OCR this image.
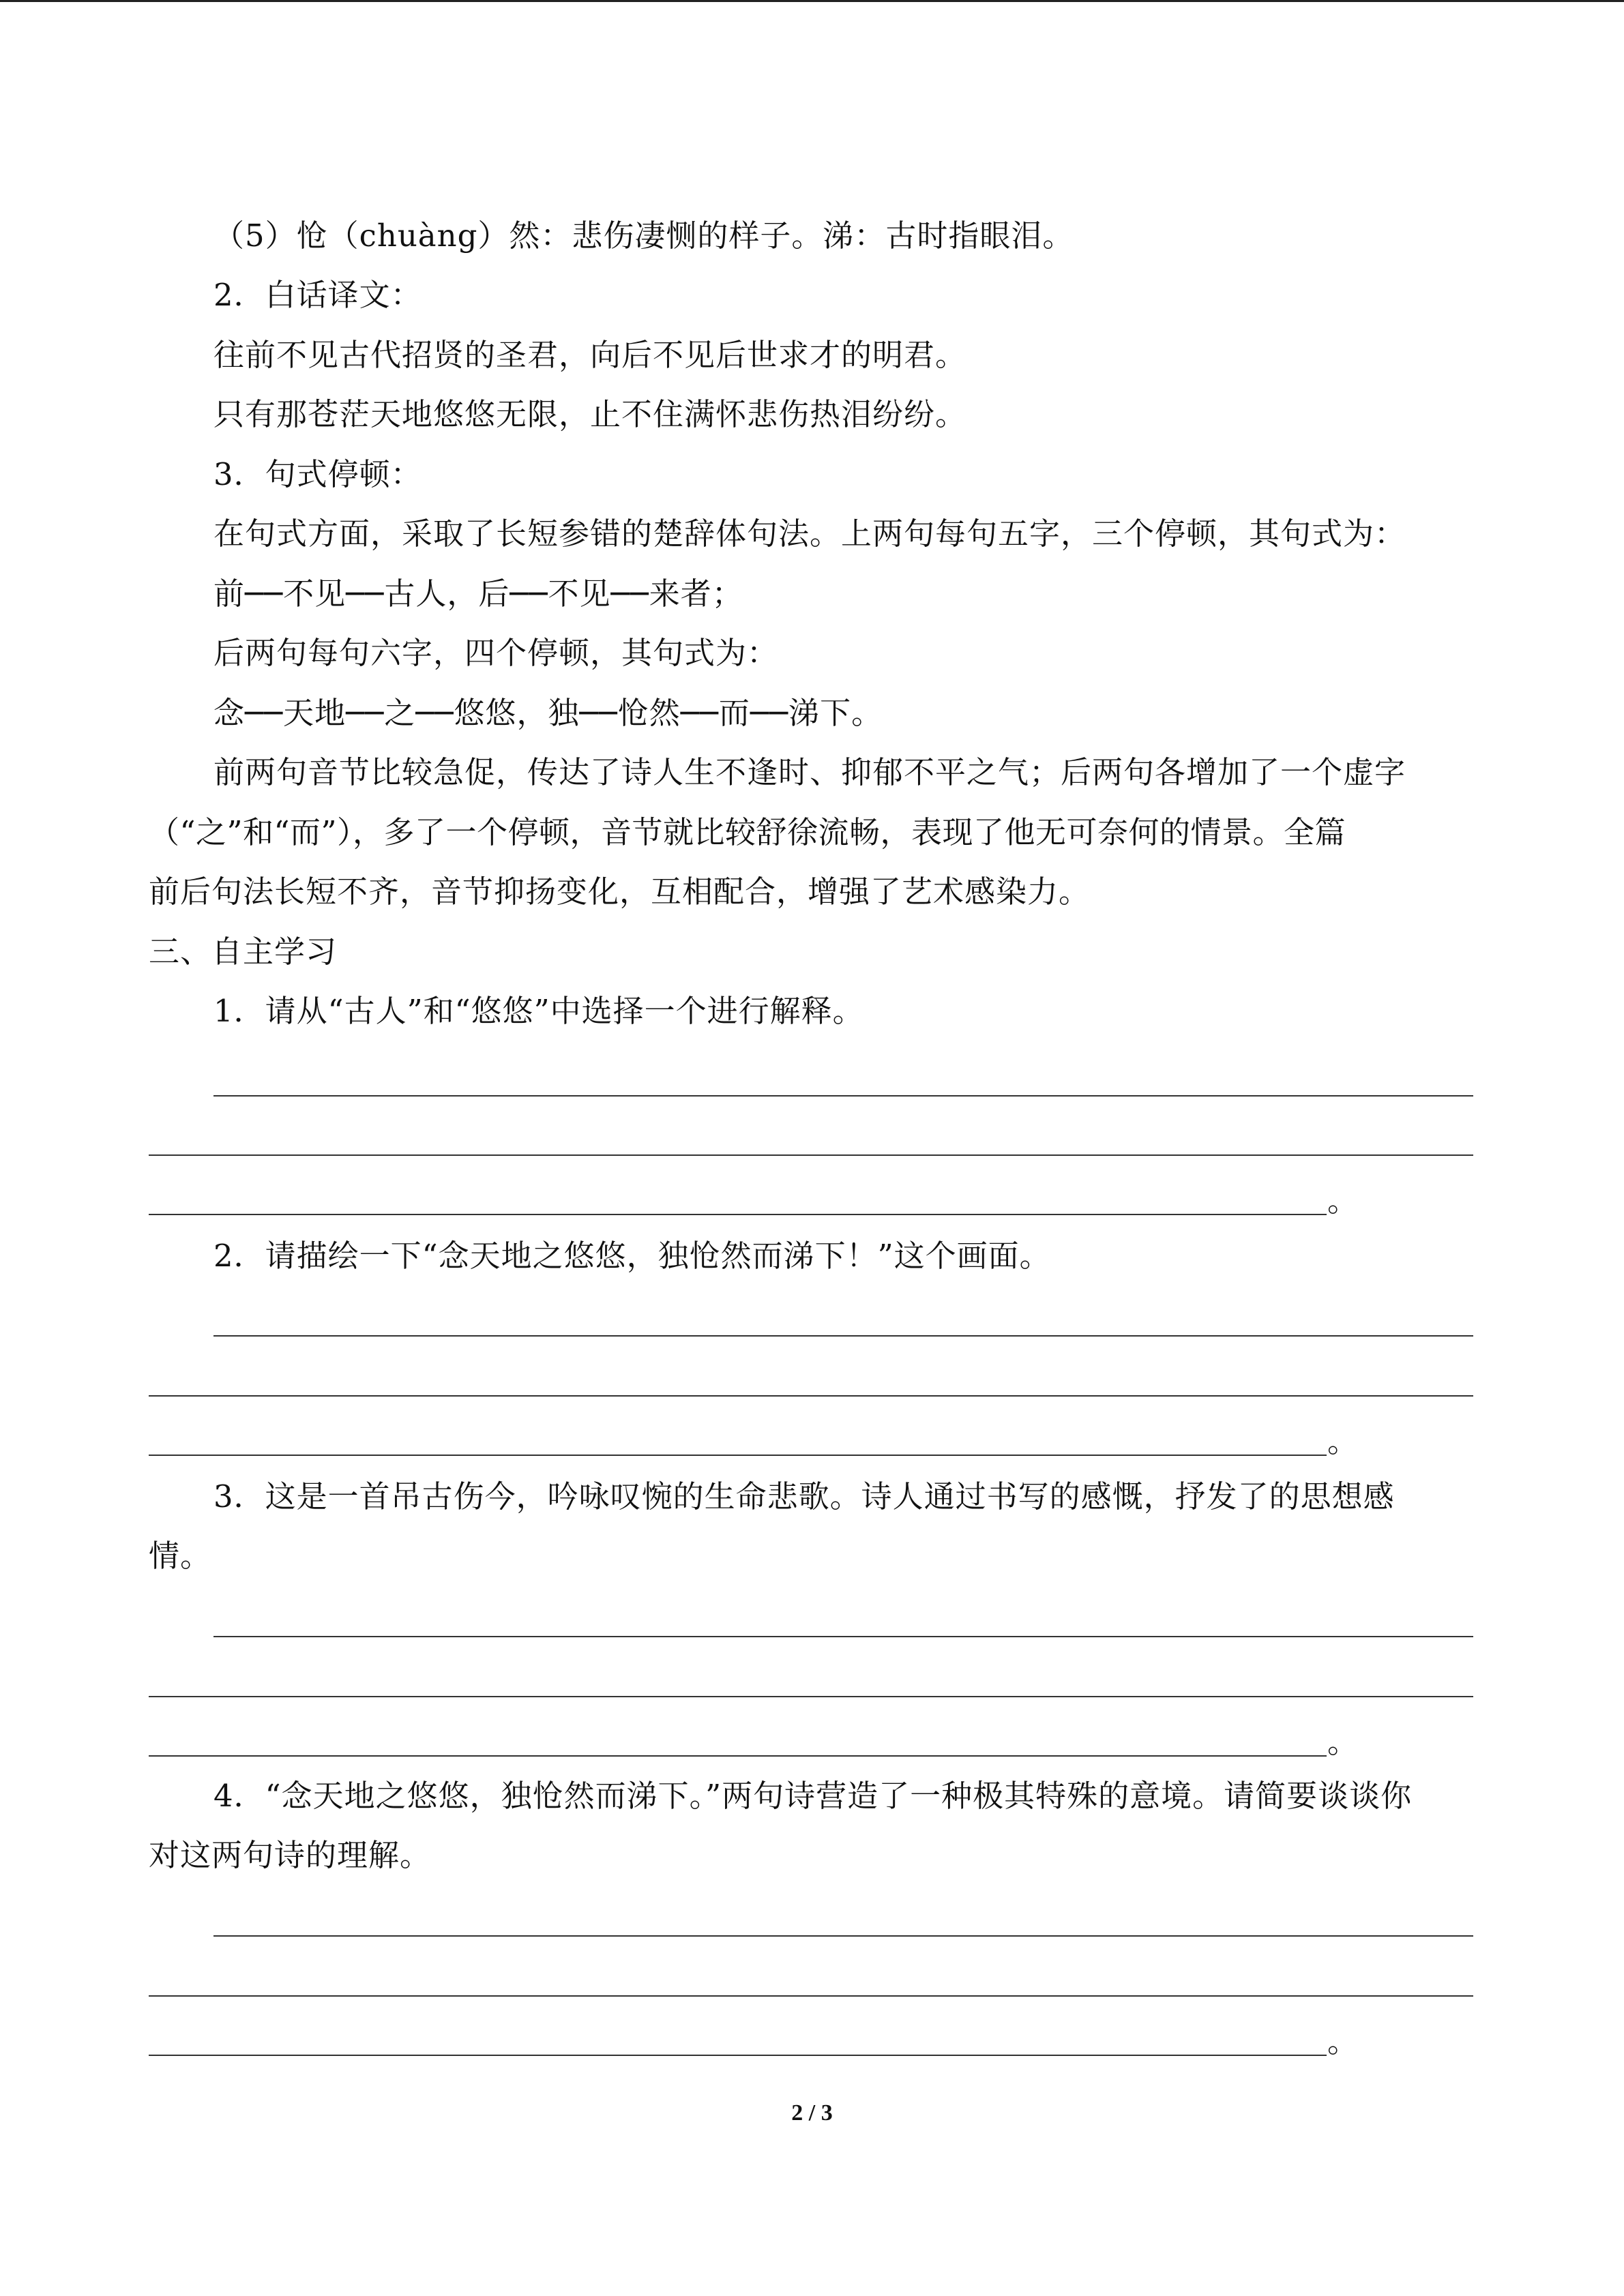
（5）怆（chuàng）然：悲伤凄恻的样子。涕：古时指眼泪。
2．白话译文：
往前不见古代招贤的圣君，向后不见后世求才的明君。
只有那苍茫天地悠悠无限，止不住满怀悲伤热泪纷纷。
3．句式停顿：
在句式方面，采取了长短参错的楚辞体句法。上两句每句五字，三个停顿，其句式为：
前──不见──古人，后──不见──来者；
后两句每句六字，四个停顿，其句式为：
念──天地──之──悠悠，独──怆然──而──涕下。
前两句音节比较急促，传达了诗人生不逢时、抑郁不平之气；后两句各增加了一个虚字
（“之”和“而”），多了一个停顿，音节就比较舒徐流畅，表现了他无可奈何的情景。全篇
前后句法长短不齐，音节抑扬变化，互相配合，增强了艺术感染力。
三、自主学习
1．请从“古人”和“悠悠”中选择一个进行解释。
。
2．请描绘一下“念天地之悠悠，独怆然而涕下！”这个画面。
。
3．这是一首吊古伤今，吟咏叹惋的生命悲歌。诗人通过书写的感慨，抒发了的思想感
情。
。
4．“念天地之悠悠，独怆然而涕下。”两句诗营造了一种极其特殊的意境。请简要谈谈你
对这两句诗的理解。
。
2 / 3
